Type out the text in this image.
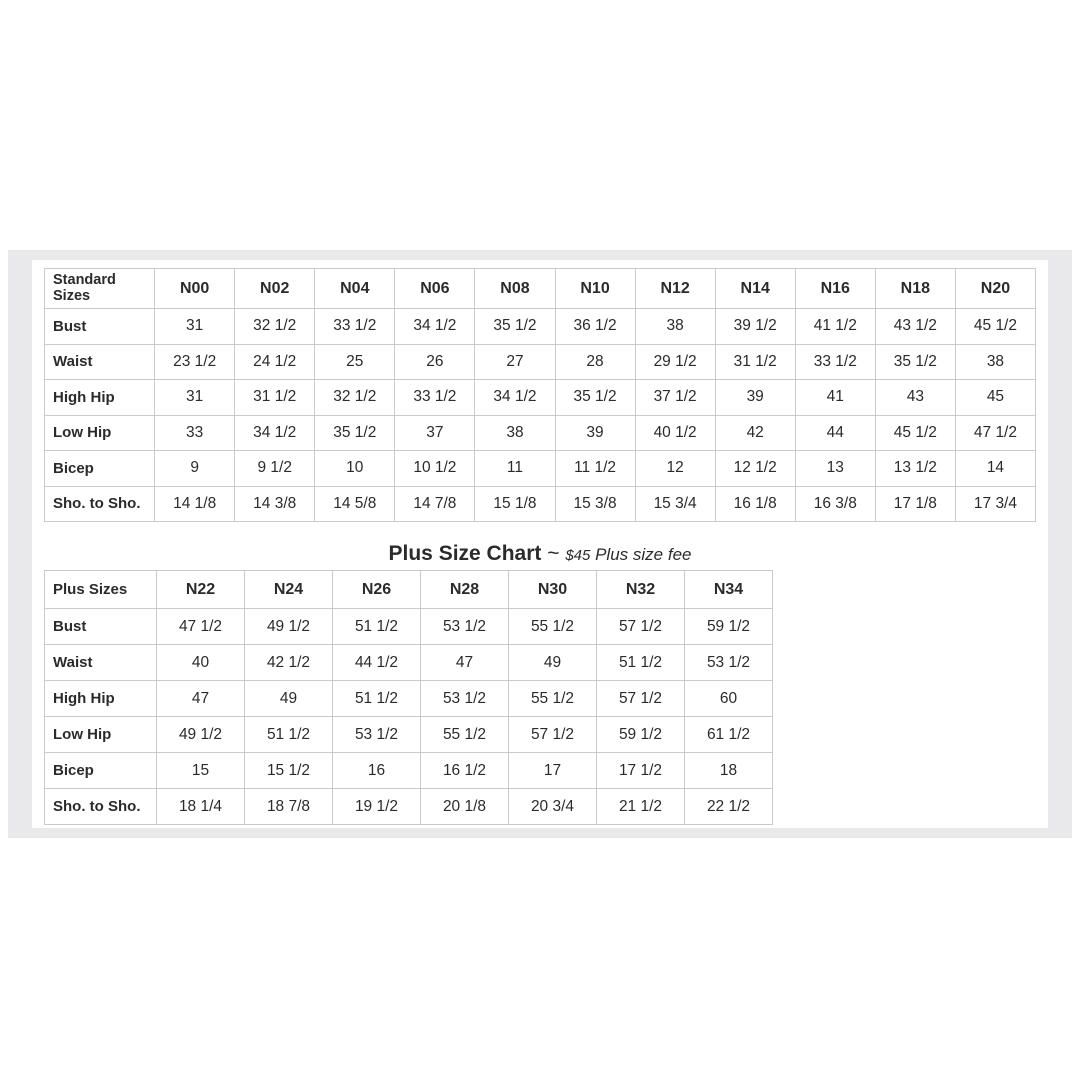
Standard
Sizes	N00	N02	N04	N06	N08	N10	N12	N14	N16	N18	N20
Bust	31	32 1/2	33 1/2	34 1/2	35 1/2	36 1/2	38	39 1/2	41 1/2	43 1/2	45 1/2
Waist	23 1/2	24 1/2	25	26	27	28	29 1/2	31 1/2	33 1/2	35 1/2	38
High Hip	31	31 1/2	32 1/2	33 1/2	34 1/2	35 1/2	37 1/2	39	41	43	45
Low Hip	33	34 1/2	35 1/2	37	38	39	40 1/2	42	44	45 1/2	47 1/2
Bicep	9	9 1/2	10	10 1/2	11	11 1/2	12	12 1/2	13	13 1/2	14
Sho. to Sho.	14 1/8	14 3/8	14 5/8	14 7/8	15 1/8	15 3/8	15 3/4	16 1/8	16 3/8	17 1/8	17 3/4
Plus Size Chart ~ $45 Plus size fee
Plus Sizes	N22	N24	N26	N28	N30	N32	N34
Bust	47 1/2	49 1/2	51 1/2	53 1/2	55 1/2	57 1/2	59 1/2
Waist	40	42 1/2	44 1/2	47	49	51 1/2	53 1/2
High Hip	47	49	51 1/2	53 1/2	55 1/2	57 1/2	60
Low Hip	49 1/2	51 1/2	53 1/2	55 1/2	57 1/2	59 1/2	61 1/2
Bicep	15	15 1/2	16	16 1/2	17	17 1/2	18
Sho. to Sho.	18 1/4	18 7/8	19 1/2	20 1/8	20 3/4	21 1/2	22 1/2
